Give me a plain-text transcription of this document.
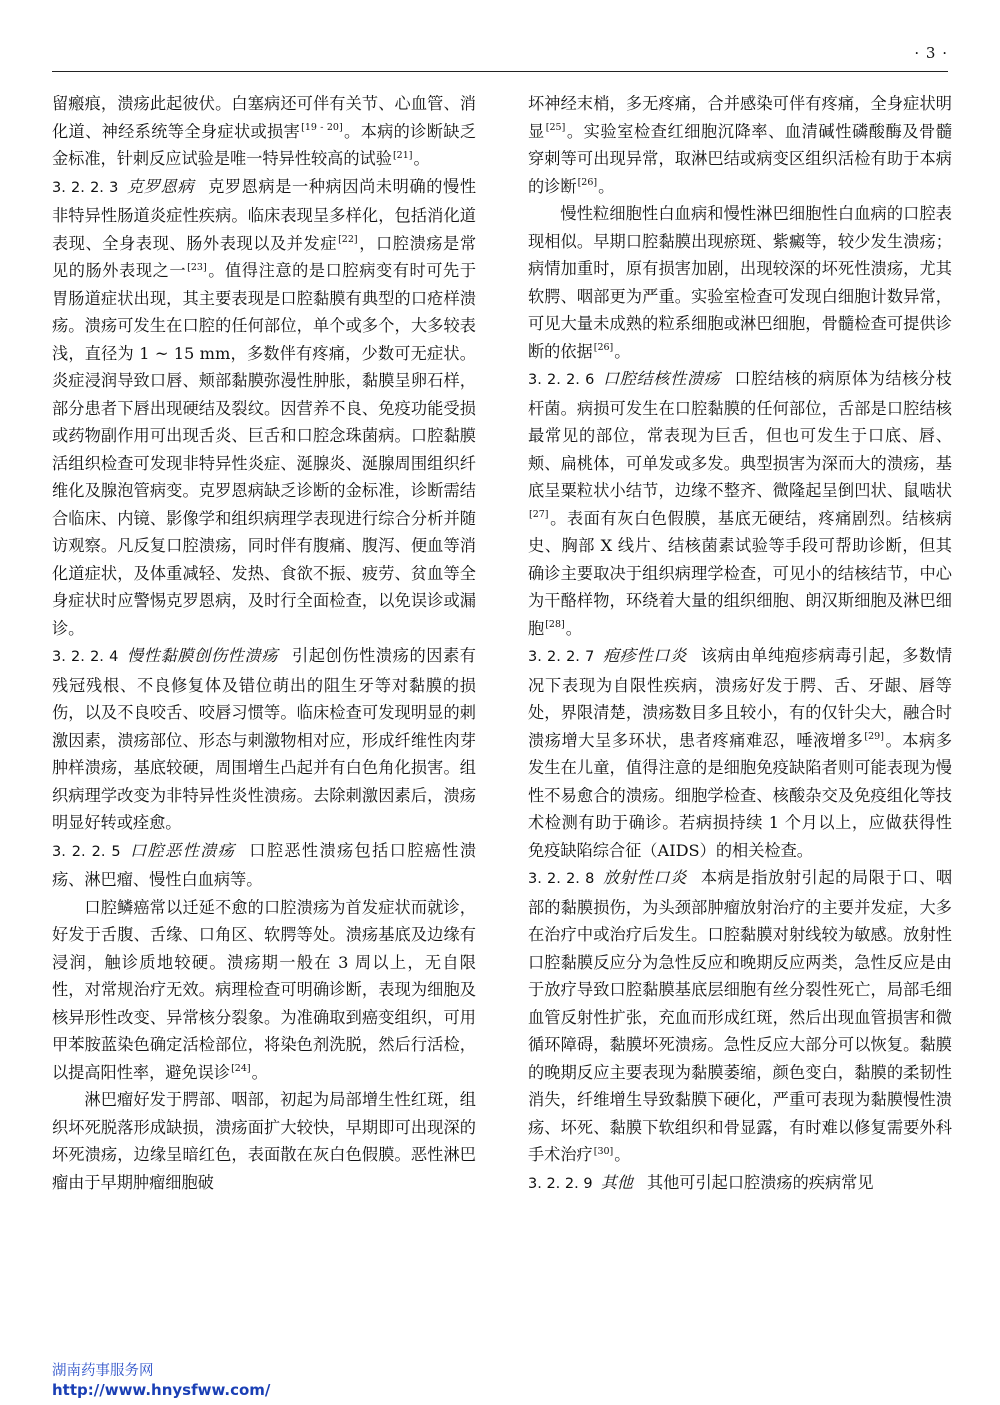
· 3 ·

留瘢痕，溃疡此起彼伏。白塞病还可伴有关节、心血管、消化道、神经系统等全身症状或损害[19 - 20]。本病的诊断缺乏金标准，针刺反应试验是唯一特异性较高的试验[21]。

3. 2. 2. 3 克罗恩病 克罗恩病是一种病因尚未明确的慢性非特异性肠道炎症性疾病。临床表现呈多样化，包括消化道表现、全身表现、肠外表现以及并发症[22]，口腔溃疡是常见的肠外表现之一[23]。值得注意的是口腔病变有时可先于胃肠道症状出现，其主要表现是口腔黏膜有典型的口疮样溃疡。溃疡可发生在口腔的任何部位，单个或多个，大多较表浅，直径为 1 ~ 15 mm，多数伴有疼痛，少数可无症状。炎症浸润导致口唇、颊部黏膜弥漫性肿胀，黏膜呈卵石样，部分患者下唇出现硬结及裂纹。因营养不良、免疫功能受损或药物副作用可出现舌炎、巨舌和口腔念珠菌病。口腔黏膜活组织检查可发现非特异性炎症、涎腺炎、涎腺周围组织纤维化及腺泡管病变。克罗恩病缺乏诊断的金标准，诊断需结合临床、内镜、影像学和组织病理学表现进行综合分析并随访观察。凡反复口腔溃疡，同时伴有腹痛、腹泻、便血等消化道症状，及体重减轻、发热、食欲不振、疲劳、贫血等全身症状时应警惕克罗恩病，及时行全面检查，以免误诊或漏诊。

3. 2. 2. 4 慢性黏膜创伤性溃疡 引起创伤性溃疡的因素有残冠残根、不良修复体及错位萌出的阻生牙等对黏膜的损伤，以及不良咬舌、咬唇习惯等。临床检查可发现明显的刺激因素，溃疡部位、形态与刺激物相对应，形成纤维性肉芽肿样溃疡，基底较硬，周围增生凸起并有白色角化损害。组织病理学改变为非特异性炎性溃疡。去除刺激因素后，溃疡明显好转或痊愈。

3. 2. 2. 5 口腔恶性溃疡 口腔恶性溃疡包括口腔癌性溃疡、淋巴瘤、慢性白血病等。

口腔鳞癌常以迁延不愈的口腔溃疡为首发症状而就诊，好发于舌腹、舌缘、口角区、软腭等处。溃疡基底及边缘有浸润，触诊质地较硬。溃疡期一般在 3 周以上，无自限性，对常规治疗无效。病理检查可明确诊断，表现为细胞及核异形性改变、异常核分裂象。为准确取到癌变组织，可用甲苯胺蓝染色确定活检部位，将染色剂洗脱，然后行活检，以提高阳性率，避免误诊[24]。

淋巴瘤好发于腭部、咽部，初起为局部增生性红斑，组织坏死脱落形成缺损，溃疡面扩大较快，早期即可出现深的坏死溃疡，边缘呈暗红色，表面散在灰白色假膜。恶性淋巴瘤由于早期肿瘤细胞破

坏神经末梢，多无疼痛，合并感染可伴有疼痛，全身症状明显[25]。实验室检查红细胞沉降率、血清碱性磷酸酶及骨髓穿刺等可出现异常，取淋巴结或病变区组织活检有助于本病的诊断[26]。

慢性粒细胞性白血病和慢性淋巴细胞性白血病的口腔表现相似。早期口腔黏膜出现瘀斑、紫癜等，较少发生溃疡；病情加重时，原有损害加剧，出现较深的坏死性溃疡，尤其软腭、咽部更为严重。实验室检查可发现白细胞计数异常，可见大量未成熟的粒系细胞或淋巴细胞，骨髓检查可提供诊断的依据[26]。

3. 2. 2. 6 口腔结核性溃疡 口腔结核的病原体为结核分枝杆菌。病损可发生在口腔黏膜的任何部位，舌部是口腔结核最常见的部位，常表现为巨舌，但也可发生于口底、唇、颊、扁桃体，可单发或多发。典型损害为深而大的溃疡，基底呈粟粒状小结节，边缘不整齐、微隆起呈倒凹状、鼠啮状[27]。表面有灰白色假膜，基底无硬结，疼痛剧烈。结核病史、胸部 X 线片、结核菌素试验等手段可帮助诊断，但其确诊主要取决于组织病理学检查，可见小的结核结节，中心为干酪样物，环绕着大量的组织细胞、朗汉斯细胞及淋巴细胞[28]。

3. 2. 2. 7 疱疹性口炎 该病由单纯疱疹病毒引起，多数情况下表现为自限性疾病，溃疡好发于腭、舌、牙龈、唇等处，界限清楚，溃疡数目多且较小，有的仅针尖大，融合时溃疡增大呈多环状，患者疼痛难忍，唾液增多[29]。本病多发生在儿童，值得注意的是细胞免疫缺陷者则可能表现为慢性不易愈合的溃疡。细胞学检查、核酸杂交及免疫组化等技术检测有助于确诊。若病损持续 1 个月以上，应做获得性免疫缺陷综合征（AIDS）的相关检查。

3. 2. 2. 8 放射性口炎 本病是指放射引起的局限于口、咽部的黏膜损伤，为头颈部肿瘤放射治疗的主要并发症，大多在治疗中或治疗后发生。口腔黏膜对射线较为敏感。放射性口腔黏膜反应分为急性反应和晚期反应两类，急性反应是由于放疗导致口腔黏膜基底层细胞有丝分裂性死亡，局部毛细血管反射性扩张，充血而形成红斑，然后出现血管损害和微循环障碍，黏膜坏死溃疡。急性反应大部分可以恢复。黏膜的晚期反应主要表现为黏膜萎缩，颜色变白，黏膜的柔韧性消失，纤维增生导致黏膜下硬化，严重可表现为黏膜慢性溃疡、坏死、黏膜下软组织和骨显露，有时难以修复需要外科手术治疗[30]。

3. 2. 2. 9 其他 其他可引起口腔溃疡的疾病常见

湖南药事服务网
http://www.hnysfww.com/
